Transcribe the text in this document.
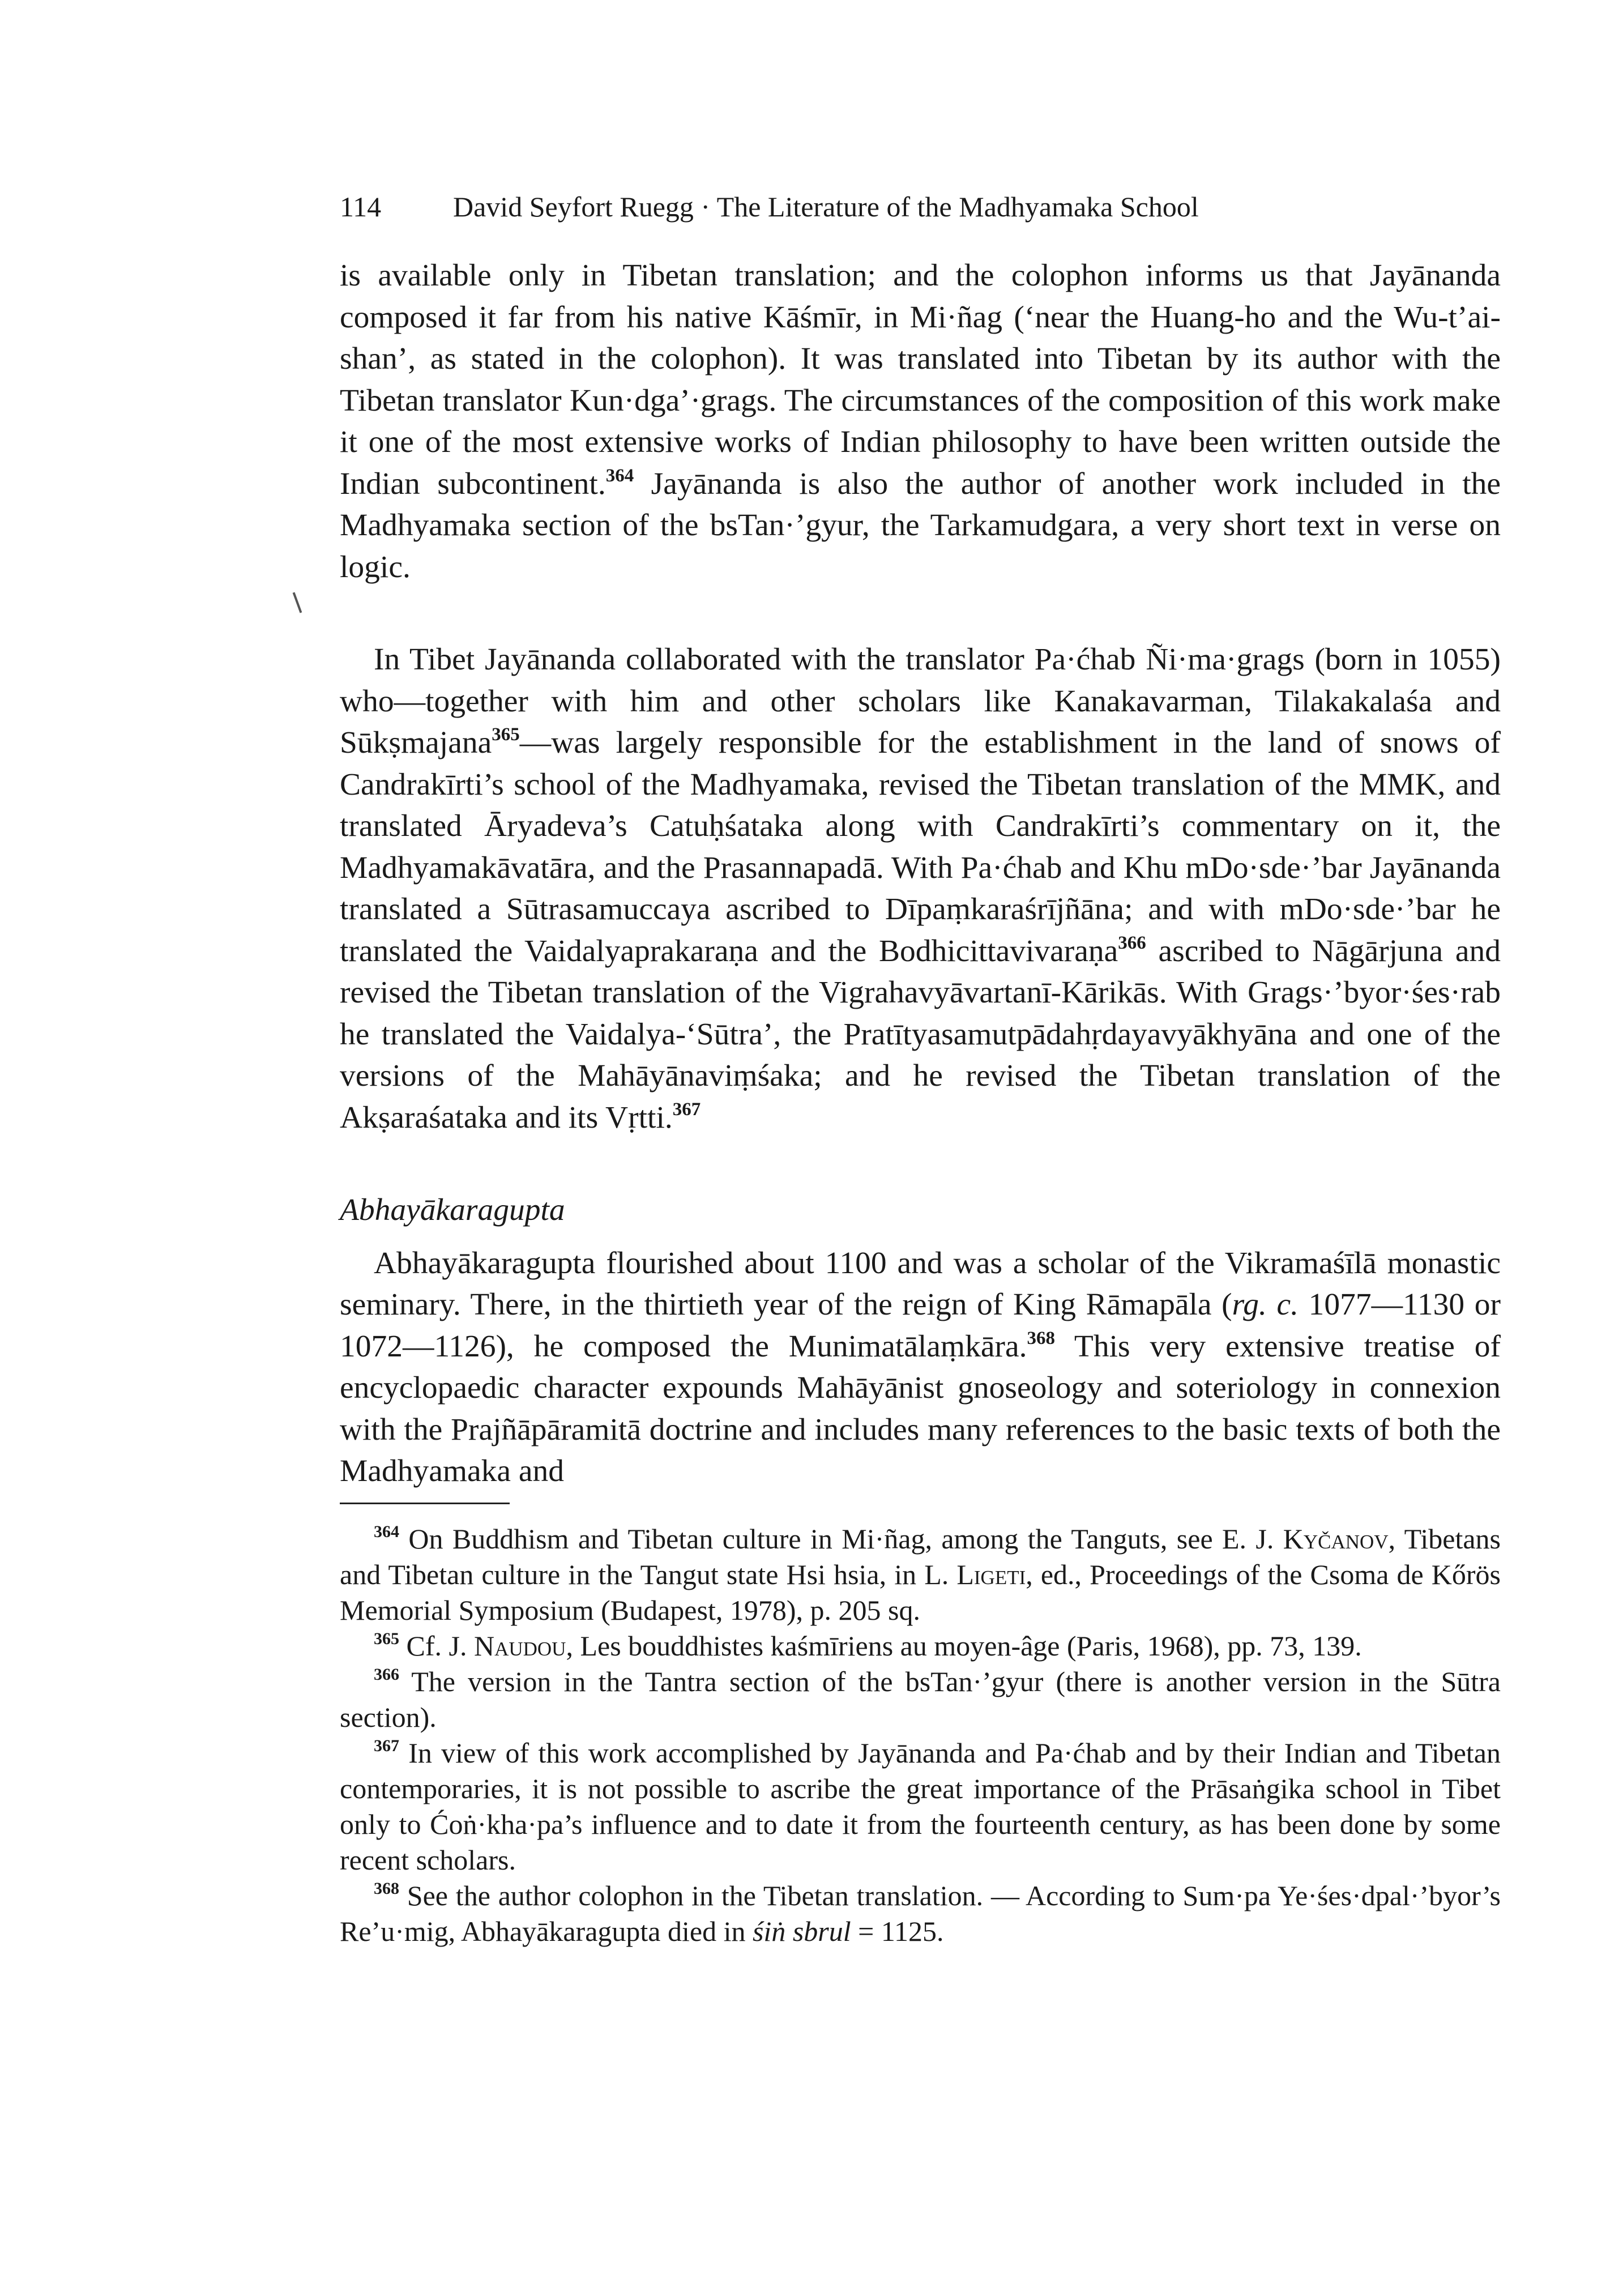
114	David Seyfort Ruegg · The Literature of the Madhyamaka School

is available only in Tibetan translation; and the colophon informs us that Jayānanda composed it far from his native Kāśmīr, in Mi·ñag (‘near the Huang-ho and the Wu-t’ai-shan’, as stated in the colophon). It was translated into Tibetan by its author with the Tibetan translator Kun·dga’·grags. The circumstances of the composition of this work make it one of the most extensive works of Indian philosophy to have been written outside the Indian subcontinent.$^{364}$ Jayānanda is also the author of another work included in the Madhyamaka section of the bsTan·’gyur, the Tarkamudgara, a very short text in verse on logic.

In Tibet Jayānanda collaborated with the translator Pa·ćhab Ñi·ma·grags (born in 1055) who—together with him and other scholars like Kanakavarman, Tilakakalaśa and Sūkṣmajana$^{365}$—was largely responsible for the establishment in the land of snows of Candrakīrti’s school of the Madhyamaka, revised the Tibetan translation of the MMK, and translated Āryadeva’s Catuḥśataka along with Candrakīrti’s commentary on it, the Madhyamakāvatāra, and the Prasannapadā. With Pa·ćhab and Khu mDo·sde·’bar Jayānanda translated a Sūtrasamuccaya ascribed to Dīpaṃkaraśrījñāna; and with mDo·sde·’bar he translated the Vaidalyaprakaraṇa and the Bodhicittavivaraṇa$^{366}$ ascribed to Nāgārjuna and revised the Tibetan translation of the Vigrahavyāvartanī-Kārikās. With Grags·’byor·śes·rab he translated the Vaidalya-‘Sūtra’, the Pratītyasamutpādahṛdayavyākhyāna and one of the versions of the Mahāyānaviṃśaka; and he revised the Tibetan translation of the Akṣaraśataka and its Vṛtti.$^{367}$

Abhayākaragupta

Abhayākaragupta flourished about 1100 and was a scholar of the Vikramaśīlā monastic seminary. There, in the thirtieth year of the reign of King Rāmapāla (rg. c. 1077—1130 or 1072—1126), he composed the Munimatālaṃkāra.$^{368}$ This very extensive treatise of encyclopaedic character expounds Mahāyānist gnoseology and soteriology in connexion with the Prajñāpāramitā doctrine and includes many references to the basic texts of both the Madhyamaka and

$^{364}$ On Buddhism and Tibetan culture in Mi·ñag, among the Tanguts, see E. J. Kyčanov, Tibetans and Tibetan culture in the Tangut state Hsi hsia, in L. Ligeti, ed., Proceedings of the Csoma de Kőrös Memorial Symposium (Budapest, 1978), p. 205 sq.

$^{365}$ Cf. J. Naudou, Les bouddhistes kaśmīriens au moyen-âge (Paris, 1968), pp. 73, 139.

$^{366}$ The version in the Tantra section of the bsTan·’gyur (there is another version in the Sūtra section).

$^{367}$ In view of this work accomplished by Jayānanda and Pa·ćhab and by their Indian and Tibetan contemporaries, it is not possible to ascribe the great importance of the Prāsaṅgika school in Tibet only to Ćoṅ·kha·pa’s influence and to date it from the fourteenth century, as has been done by some recent scholars.

$^{368}$ See the author colophon in the Tibetan translation. — According to Sum·pa Ye·śes·dpal·’byor’s Re’u·mig, Abhayākaragupta died in śiṅ sbrul = 1125.
